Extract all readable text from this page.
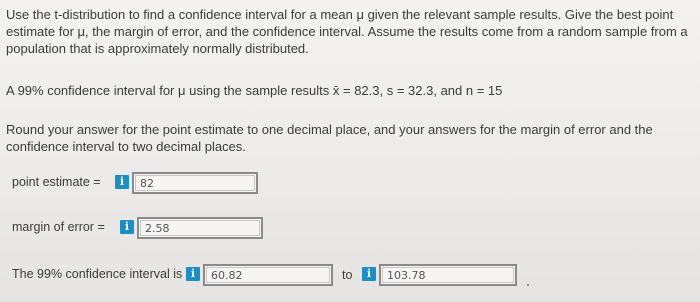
Use the t-distribution to find a confidence interval for a mean μ given the relevant sample results. Give the best point estimate for μ, the margin of error, and the confidence interval. Assume the results come from a random sample from a population that is approximately normally distributed.
A 99% confidence interval for μ using the sample results x̄ = 82.3, s = 32.3, and n = 15
Round your answer for the point estimate to one decimal place, and your answers for the margin of error and the confidence interval to two decimal places.
point estimate =	i	82
margin of error =	i	2.58
The 99% confidence interval is i	60.82	to	i	103.78
